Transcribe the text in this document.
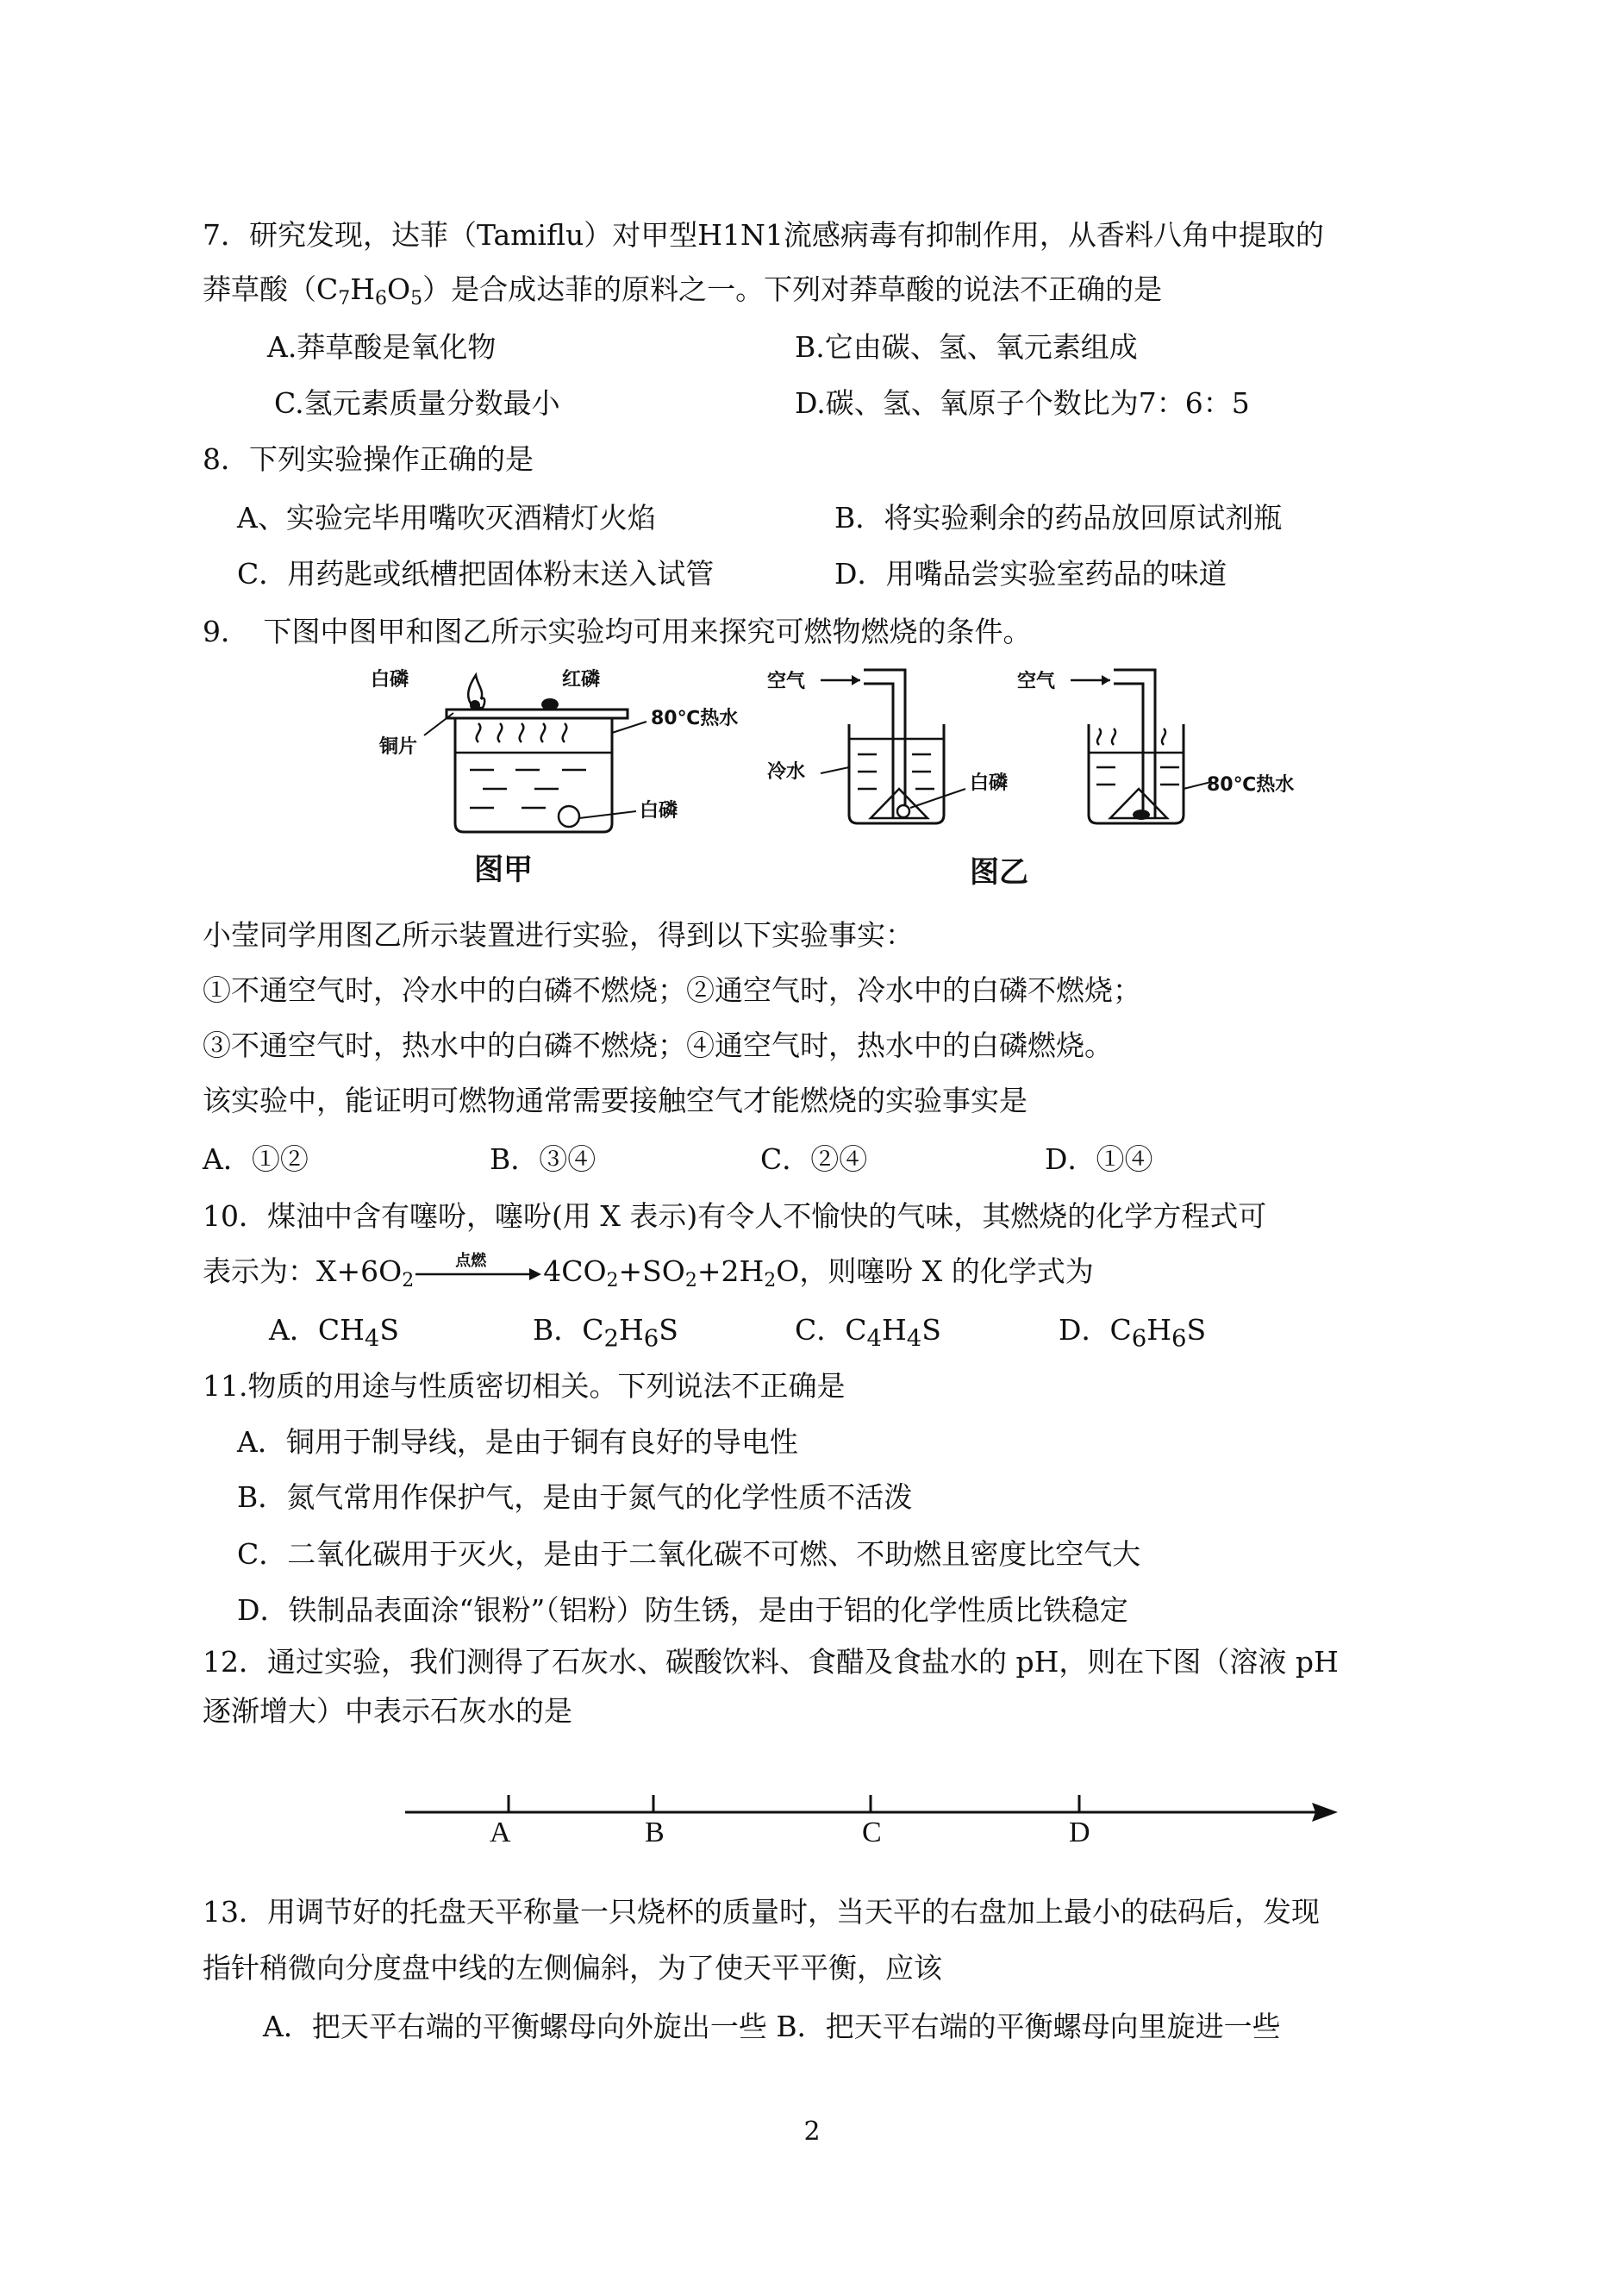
7．研究发现，达菲（Tamiflu）对甲型H1N1流感病毒有抑制作用，从香料八角中提取的
莽草酸$(C_7H_6O_5)$是合成达菲的原料之一。下列对莽草酸的说法不正确的是
A.莽草酸是氧化物	B.它由碳、氢、氧元素组成
C.氢元素质量分数最小	D.碳、氢、氧原子个数比为7：6：5
8．下列实验操作正确的是
A、实验完毕用嘴吹灭酒精灯火焰	B．将实验剩余的药品放回原试剂瓶
C．用药匙或纸槽把固体粉末送入试管	D．用嘴品尝实验室药品的味道
9．　下图中图甲和图乙所示实验均可用来探究可燃物燃烧的条件。
白磷	红磷
铜片
80℃热水
白磷
图甲
空气
冷水
白磷
空气
80℃热水
图乙
小莹同学用图乙所示装置进行实验，得到以下实验事实：
①不通空气时，冷水中的白磷不燃烧；②通空气时，冷水中的白磷不燃烧；
③不通空气时，热水中的白磷不燃烧；④通空气时，热水中的白磷燃烧。
该实验中，能证明可燃物通常需要接触空气才能燃烧的实验事实是
A．①②	B．③④	C．②④	D．①④
10．煤油中含有噻吩，噻吩(用 X 表示)有令人不愉快的气味，其燃烧的化学方程式可
表示为：$X+6O_2$
点燃 $4CO_2+SO_2+2H_2O$，则噻吩 X 的化学式为
A．$CH_4S$	B．$C_2H_6S$	C．$C_4H_4S$	D．$C_6H_6S$
11.物质的用途与性质密切相关。下列说法不正确是
A．铜用于制导线，是由于铜有良好的导电性
B．氮气常用作保护气，是由于氮气的化学性质不活泼
C．二氧化碳用于灭火，是由于二氧化碳不可燃、不助燃且密度比空气大
D．铁制品表面涂“银粉”（铝粉）防生锈，是由于铝的化学性质比铁稳定
12．通过实验，我们测得了石灰水、碳酸饮料、食醋及食盐水的 pH，则在下图（溶液 pH
逐渐增大）中表示石灰水的是
A	B	C	D
13．用调节好的托盘天平称量一只烧杯的质量时，当天平的右盘加上最小的砝码后，发现
指针稍微向分度盘中线的左侧偏斜，为了使天平平衡，应该
A．把天平右端的平衡螺母向外旋出一些 B．把天平右端的平衡螺母向里旋进一些
2
